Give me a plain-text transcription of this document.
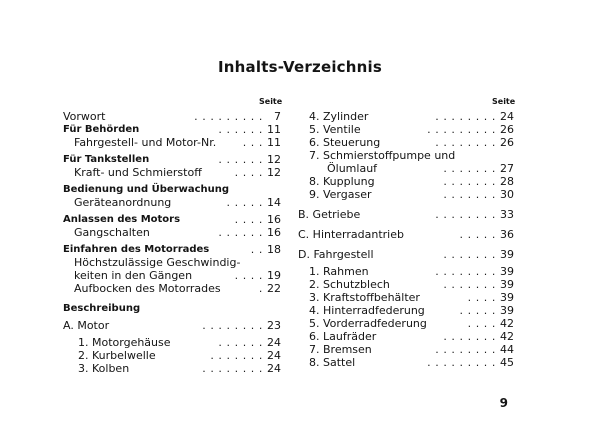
Inhalts-Verzeichnis
Seite	Seite
Vorwort	......... 7
Für Behörden	...... 11
Fahrgestell- und Motor-Nr. ... 11
Für Tankstellen	...... 12
Kraft- und Schmierstoff	.... 12
Bedienung und Überwachung
Geräteanordnung	..... 14
Anlassen des Motors	.... 16
Gangschalten	...... 16
Einfahren des Motorrades	.. 18
Höchstzulässige Geschwindig-
keiten in den Gängen	.... 19
Aufbocken des Motorrades	. 22
Beschreibung
A. Motor	........ 23
1. Motorgehäuse	...... 24
2. Kurbelwelle	....... 24
3. Kolben	........ 24
4. Zylinder	........ 24
5. Ventile	......... 26
6. Steuerung	........ 26
7. Schmierstoffpumpe und
Ölumlauf	....... 27
8. Kupplung	....... 28
9. Vergaser	....... 30
B. Getriebe	........ 33
C. Hinterradantrieb	..... 36
D. Fahrgestell	....... 39
1. Rahmen	........ 39
2. Schutzblech	....... 39
3. Kraftstoffbehälter	.... 39
4. Hinterradfederung	..... 39
5. Vorderradfederung	.... 42
6. Laufräder	....... 42
7. Bremsen	........ 44
8. Sattel	......... 45
9
